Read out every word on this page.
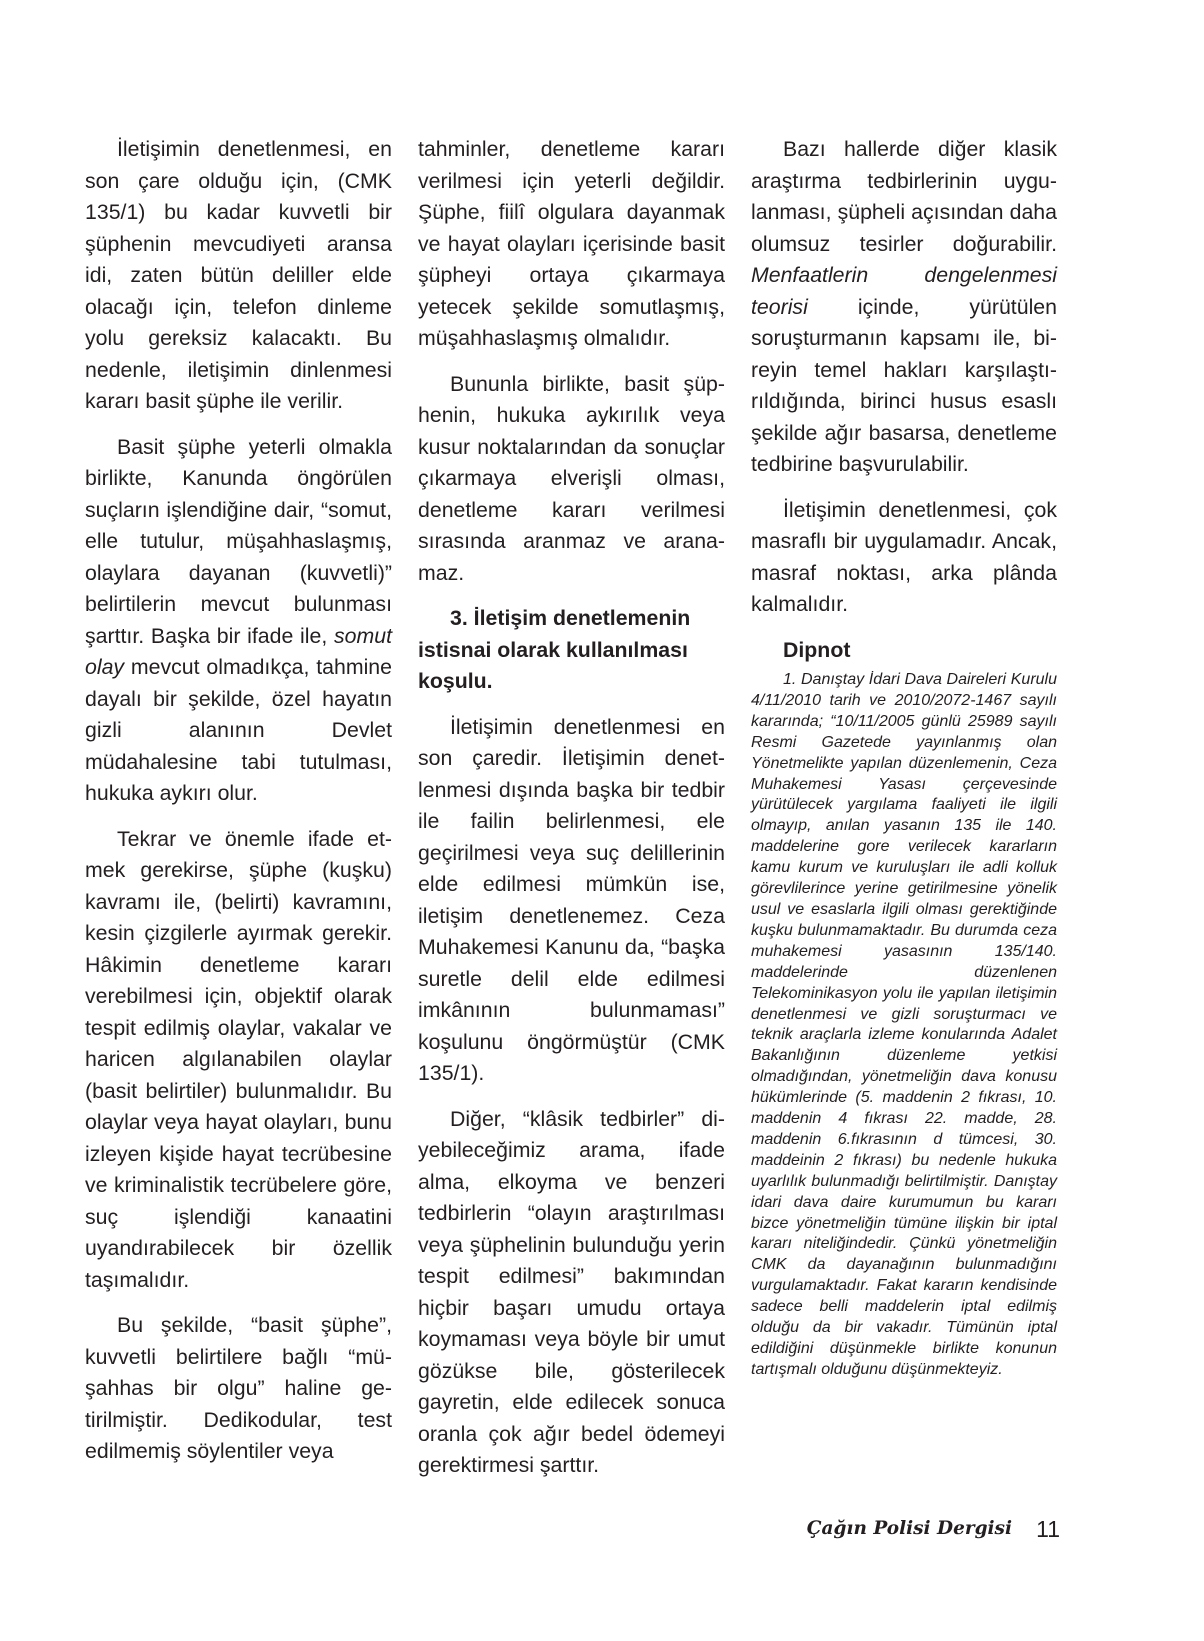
İletişimin denetlenmesi, en son çare olduğu için, (CMK 135/1) bu kadar kuvvetli bir şüphenin mevcudiyeti aransa idi, zaten bütün deliller elde olacağı için, telefon dinleme yolu gereksiz kalacaktı. Bu nedenle, iletişimin dinlenmesi kararı basit şüphe ile verilir.

Basit şüphe yeterli olmakla birlikte, Kanunda öngörülen suçların işlendiğine dair, “somut, elle tutulur, müşahhaslaşmış, olaylara dayanan (kuvvetli)” belirtilerin mevcut bulunması şarttır. Başka bir ifade ile, somut olay mevcut olmadıkça, tahmine dayalı bir şekilde, özel hayatın gizli alanının Devlet müdahalesine tabi tutulması, hukuka aykırı olur.

Tekrar ve önemle ifade etmek gerekirse, şüphe (kuşku) kavramı ile, (belirti) kavramını, kesin çizgilerle ayırmak gerekir. Hâkimin denetleme kararı verebilmesi için, objektif olarak tespit edilmiş olaylar, vakalar ve haricen algılanabilen olaylar (basit belirtiler) bulunmalıdır. Bu olaylar veya hayat olayları, bunu izleyen kişide hayat tecrübesine ve kriminalistik tecrübelere göre, suç işlendiği kanaatini uyandırabilecek bir özellik taşımalıdır.

Bu şekilde, “basit şüphe”, kuvvetli belirtilere bağlı “müşahhas bir olgu” haline getirilmiştir. Dedikodular, test edilmemiş söylentiler veya

tahminler, denetleme kararı verilmesi için yeterli değildir. Şüphe, fiilî olgulara dayanmak ve hayat olayları içerisinde basit şüpheyi ortaya çıkarmaya yetecek şekilde somutlaşmış, müşahhaslaşmış olmalıdır.

Bununla birlikte, basit şüphenin, hukuka aykırılık veya kusur noktalarından da sonuçlar çıkarmaya elverişli olması, denetleme kararı verilmesi sırasında aranmaz ve aranamaz.

3. İletişim denetlemenin istisnai olarak kullanılması koşulu.

İletişimin denetlenmesi en son çaredir. İletişimin denetlenmesi dışında başka bir tedbir ile failin belirlenmesi, ele geçirilmesi veya suç delillerinin elde edilmesi mümkün ise, iletişim denetlenemez. Ceza Muhakemesi Kanunu da, “başka suretle delil elde edilmesi imkânının bulunmaması” koşulunu öngörmüştür (CMK 135/1).

Diğer, “klâsik tedbirler” diyebileceğimiz arama, ifade alma, elkoyma ve benzeri tedbirlerin “olayın araştırılması veya şüphelinin bulunduğu yerin tespit edilmesi” bakımından hiçbir başarı umudu ortaya koymaması veya böyle bir umut gözükse bile, gösterilecek gayretin, elde edilecek sonuca oranla çok ağır bedel ödemeyi gerektirmesi şarttır.

Bazı hallerde diğer klasik araştırma tedbirlerinin uygulanması, şüpheli açısından daha olumsuz tesirler doğurabilir. Menfaatlerin dengelenmesi teorisi içinde, yürütülen soruşturmanın kapsamı ile, bireyin temel hakları karşılaştırıldığında, birinci husus esaslı şekilde ağır basarsa, denetleme tedbirine başvurulabilir.

İletişimin denetlenmesi, çok masraflı bir uygulamadır. Ancak, masraf noktası, arka plânda kalmalıdır.

Dipnot

1. Danıştay İdari Dava Daireleri Kurulu 4/11/2010 tarih ve 2010/2072-1467 sayılı kararında; “10/11/2005 günlü 25989 sayılı Resmi Gazetede yayınlanmış olan Yönetmelikte yapılan düzenlemenin, Ceza Muhakemesi Yasası çerçevesinde yürütülecek yargılama faaliyeti ile ilgili olmayıp, anılan yasanın 135 ile 140. maddelerine gore verilecek kararların kamu kurum ve kuruluşları ile adli kolluk görevlilerince yerine getirilmesine yönelik usul ve esaslarla ilgili olması gerektiğinde kuşku bulunmamaktadır. Bu durumda ceza muhakemesi yasasının 135/140. maddelerinde düzenlenen Telekominikasyon yolu ile yapılan iletişimin denetlenmesi ve gizli soruşturmacı ve teknik araçlarla izleme konularında Adalet Bakanlığının düzenleme yetkisi olmadığından, yönetmeliğin dava konusu hükümlerinde (5. maddenin 2 fıkrası, 10. maddenin 4 fıkrası 22. madde, 28. maddenin 6.fıkrasının d tümcesi, 30. maddeinin 2 fıkrası) bu nedenle hukuka uyarlılık bulunmadığı belirtilmiştir. Danıştay idari dava daire kurumumun bu kararı bizce yönetmeliğin tümüne ilişkin bir iptal kararı niteliğindedir. Çünkü yönetmeliğin CMK da dayanağının bulunmadığını vurgulamaktadır. Fakat kararın kendisinde sadece belli maddelerin iptal edilmiş olduğu da bir vakadır. Tümünün iptal edildiğini düşünmekle birlikte konunun tartışmalı olduğunu düşünmekteyiz.

Çağın Polisi Dergisi 11
